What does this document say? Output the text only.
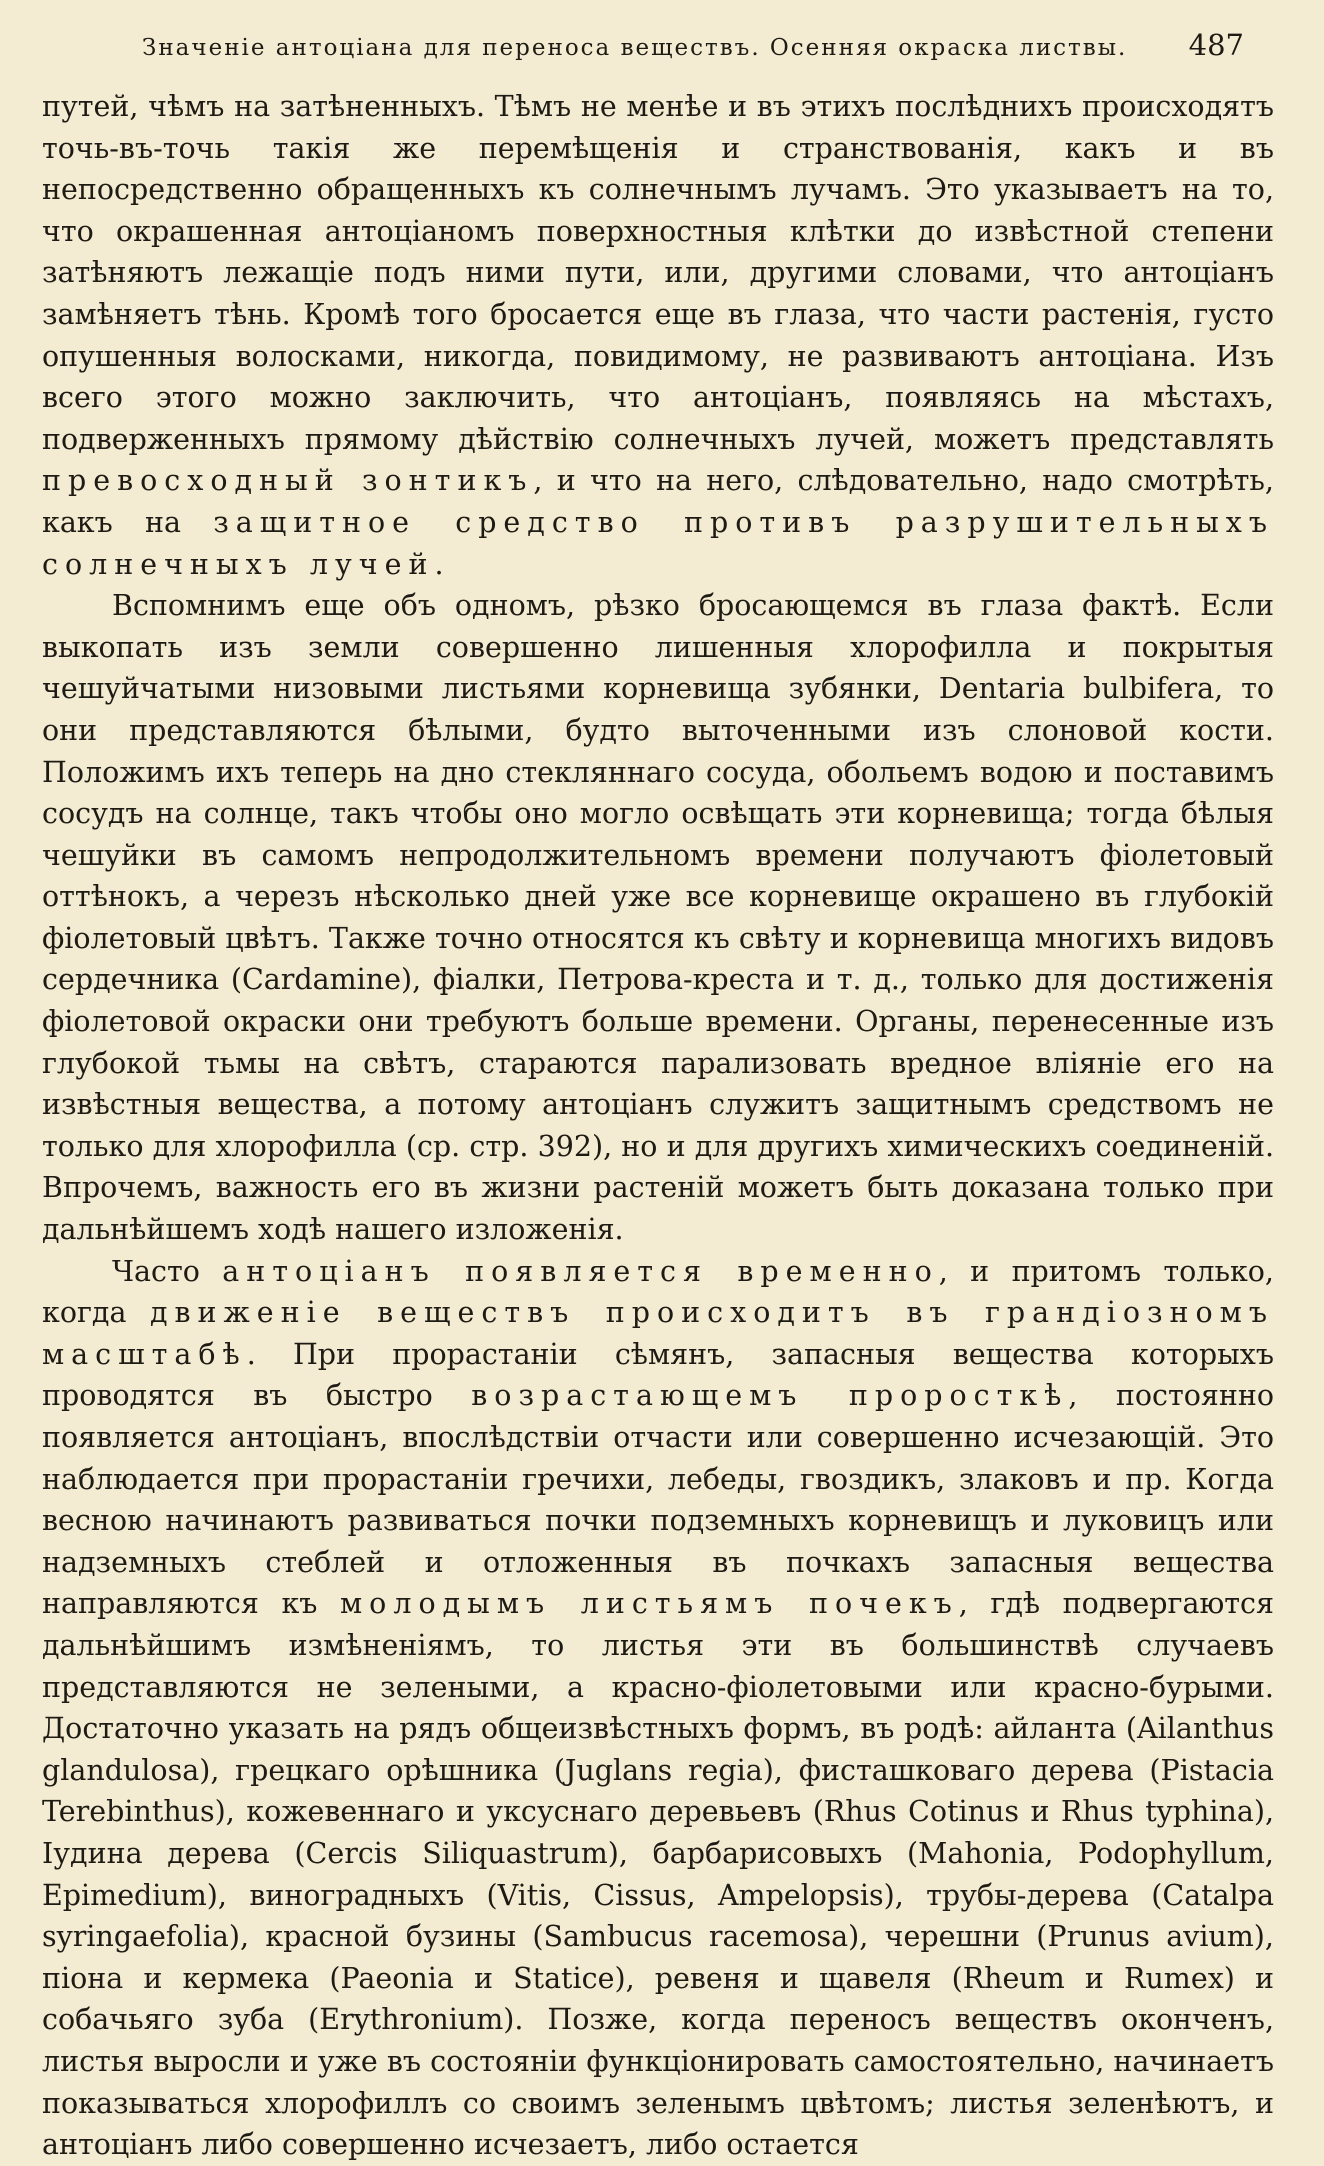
Значеніе антоціана для переноса веществъ. Осенняя окраска листвы. 487

путей, чѣмъ на затѣненныхъ. Тѣмъ не менѣе и въ этихъ послѣднихъ происходятъ точь-въ-точь такія же перемѣщенія и странствованія, какъ и въ непосредственно обращенныхъ къ солнечнымъ лучамъ. Это указываетъ на то, что окрашенная антоціаномъ поверхностныя клѣтки до извѣстной степени затѣняютъ лежащіе подъ ними пути, или, другими словами, что антоціанъ замѣняетъ тѣнь. Кромѣ того бросается еще въ глаза, что части растенія, густо опушенныя волосками, никогда, повидимому, не развиваютъ антоціана. Изъ всего этого можно заключить, что антоціанъ, появляясь на мѣстахъ, подверженныхъ прямому дѣйствію солнечныхъ лучей, можетъ представлять превосходный зонтикъ, и что на него, слѣдовательно, надо смотрѣть, какъ на защитное средство противъ разрушительныхъ солнечныхъ лучей.

Вспомнимъ еще объ одномъ, рѣзко бросающемся въ глаза фактѣ. Если выкопать изъ земли совершенно лишенныя хлорофилла и покрытыя чешуйчатыми низовыми листьями корневища зубянки, Dentaria bulbifera, то они представляются бѣлыми, будто выточенными изъ слоновой кости. Положимъ ихъ теперь на дно стекляннаго сосуда, обольемъ водою и поставимъ сосудъ на солнце, такъ чтобы оно могло освѣщать эти корневища; тогда бѣлыя чешуйки въ самомъ непродолжительномъ времени получаютъ фіолетовый оттѣнокъ, а черезъ нѣсколько дней уже все корневище окрашено въ глубокій фіолетовый цвѣтъ. Также точно относятся къ свѣту и корневища многихъ видовъ сердечника (Cardamine), фіалки, Петрова-креста и т. д., только для достиженія фіолетовой окраски они требуютъ больше времени. Органы, перенесенные изъ глубокой тьмы на свѣтъ, стараются парализовать вредное вліяніе его на извѣстныя вещества, а потому антоціанъ служитъ защитнымъ средствомъ не только для хлорофилла (ср. стр. 392), но и для другихъ химическихъ соединеній. Впрочемъ, важность его въ жизни растеній можетъ быть доказана только при дальнѣйшемъ ходѣ нашего изложенія.

Часто антоціанъ появляется временно, и притомъ только, когда движеніе веществъ происходитъ въ грандіозномъ масштабѣ. При прорастаніи сѣмянъ, запасныя вещества которыхъ проводятся въ быстро возрастающемъ пpоросткѣ, постоянно появляется антоціанъ, впослѣдствіи отчасти или совершенно исчезающій. Это наблюдается при прорастаніи гречихи, лебеды, гвоздикъ, злаковъ и пр. Когда весною начинаютъ развиваться почки подземныхъ корневищъ и луковицъ или надземныхъ стеблей и отложенныя въ почкахъ запасныя вещества направляются къ молодымъ листьямъ почекъ, гдѣ подвергаются дальнѣйшимъ измѣненіямъ, то листья эти въ большинствѣ случаевъ представляются не зелеными, а красно-фіолетовыми или красно-бурыми. Достаточно указать на рядъ общеизвѣстныхъ формъ, въ родѣ: айланта (Ailanthus glandulosa), грецкаго орѣшника (Juglans regia), фисташковаго дерева (Pistacia Terebinthus), кожевеннаго и уксуснаго деревьевъ (Rhus Cotinus и Rhus typhina), Іудина дерева (Cercis Siliquastrum), барбарисовыхъ (Mahonia, Podophyllum, Epimedium), виноградныхъ (Vitis, Cissus, Ampelopsis), трубы-дерева (Catalpa syringaefolia), красной бузины (Sambucus racemosa), черешни (Prunus avium), піона и кермека (Paeonia и Statice), ревеня и щавеля (Rheum и Rumex) и собачьяго зуба (Erythronium). Позже, когда переносъ веществъ оконченъ, листья выросли и уже въ состояніи функціонировать самостоятельно, начинаетъ показываться хлорофиллъ со своимъ зеленымъ цвѣтомъ; листья зеленѣютъ, и антоціанъ либо совершенно исчезаетъ, либо остается
